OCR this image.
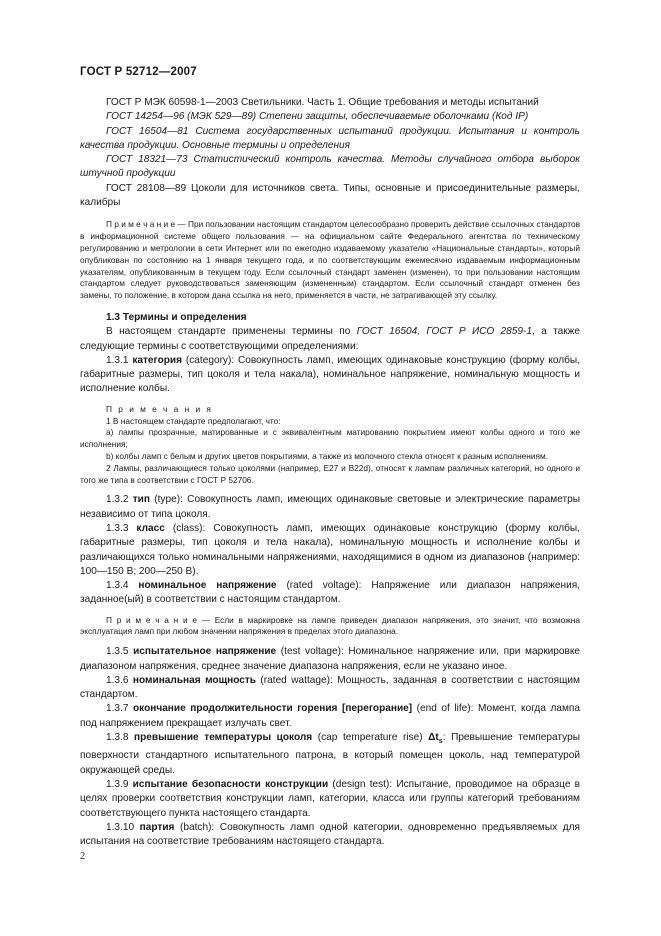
ГОСТ Р 52712—2007

ГОСТ Р МЭК 60598-1—2003 Светильники. Часть 1. Общие требования и методы испытаний

ГОСТ 14254—96 (МЭК 529—89) Степени защиты, обеспечиваемые оболочками (Код IP)

ГОСТ 16504—81 Система государственных испытаний продукции. Испытания и контроль качества продукции. Основные термины и определения

ГОСТ 18321—73 Статистический контроль качества. Методы случайного отбора выборок штучной продукции

ГОСТ 28108—89 Цоколи для источников света. Типы, основные и присоединительные размеры, калибры

П р и м е ч а н и е — При пользовании настоящим стандартом целесообразно проверить действие ссылочных стандартов в информационной системе общего пользования — на официальном сайте Федерального агентства по техническому регулированию и метрологии в сети Интернет или по ежегодно издаваемому указателю «Национальные стандарты», который опубликован по состоянию на 1 января текущего года, и по соответствующим ежемесячно издаваемым информационным указателям, опубликованным в текущем году. Если ссылочный стандарт заменен (изменен), то при пользовании настоящим стандартом следует руководствоваться заменяющим (измененным) стандартом. Если ссылочный стандарт отменен без замены, то положение, в котором дана ссылка на него, применяется в части, не затрагивающей эту ссылку.

1.3 Термины и определения

В настоящем стандарте применены термины по ГОСТ 16504, ГОСТ Р ИСО 2859-1, а также следующие термины с соответствующими определениями:

1.3.1 категория (category): Совокупность ламп, имеющих одинаковые конструкцию (форму колбы, габаритные размеры, тип цоколя и тела накала), номинальное напряжение, номинальную мощность и исполнение колбы.

П р и м е ч а н и я

1 В настоящем стандарте предполагают, что:

a) лампы прозрачные, матированные и с эквивалентным матированию покрытием имеют колбы одного и того же исполнения;

b) колбы ламп с белым и других цветов покрытиями, а также из молочного стекла относят к разным исполнениям.

2 Лампы, различающиеся только цоколями (например, E27 и B22d), относят к лампам различных категорий, но одного и того же типа в соответствии с ГОСТ Р 52706.

1.3.2 тип (type): Совокупность ламп, имеющих одинаковые световые и электрические параметры независимо от типа цоколя.

1.3.3 класс (class): Совокупность ламп, имеющих одинаковые конструкцию (форму колбы, габаритные размеры, тип цоколя и тела накала), номинальную мощность и исполнение колбы и различающихся только номинальными напряжениями, находящимися в одном из диапазонов (например: 100—150 В; 200—250 В).

1.3.4 номинальное напряжение (rated voltage): Напряжение или диапазон напряжения, заданное(ый) в соответствии с настоящим стандартом.

П р и м е ч а н и е — Если в маркировке на лампе приведен диапазон напряжения, это значит, что возможна эксплуатация ламп при любом значении напряжения в пределах этого диапазона.

1.3.5 испытательное напряжение (test voltage): Номинальное напряжение или, при маркировке диапазоном напряжения, среднее значение диапазона напряжения, если не указано иное.

1.3.6 номинальная мощность (rated wattage): Мощность, заданная в соответствии с настоящим стандартом.

1.3.7 окончание продолжительности горения [перегорание] (end of life): Момент, когда лампа под напряжением прекращает излучать свет.

1.3.8 превышение температуры цоколя (cap temperature rise) $\Delta t_s$: Превышение температуры поверхности стандартного испытательного патрона, в который помещен цоколь, над температурой окружающей среды.

1.3.9 испытание безопасности конструкции (design test): Испытание, проводимое на образце в целях проверки соответствия конструкции ламп, категории, класса или группы категорий требованиям соответствующего пункта настоящего стандарта.

1.3.10 партия (batch): Совокупность ламп одной категории, одновременно предъявляемых для испытания на соответствие требованиям настоящего стандарта.

2
